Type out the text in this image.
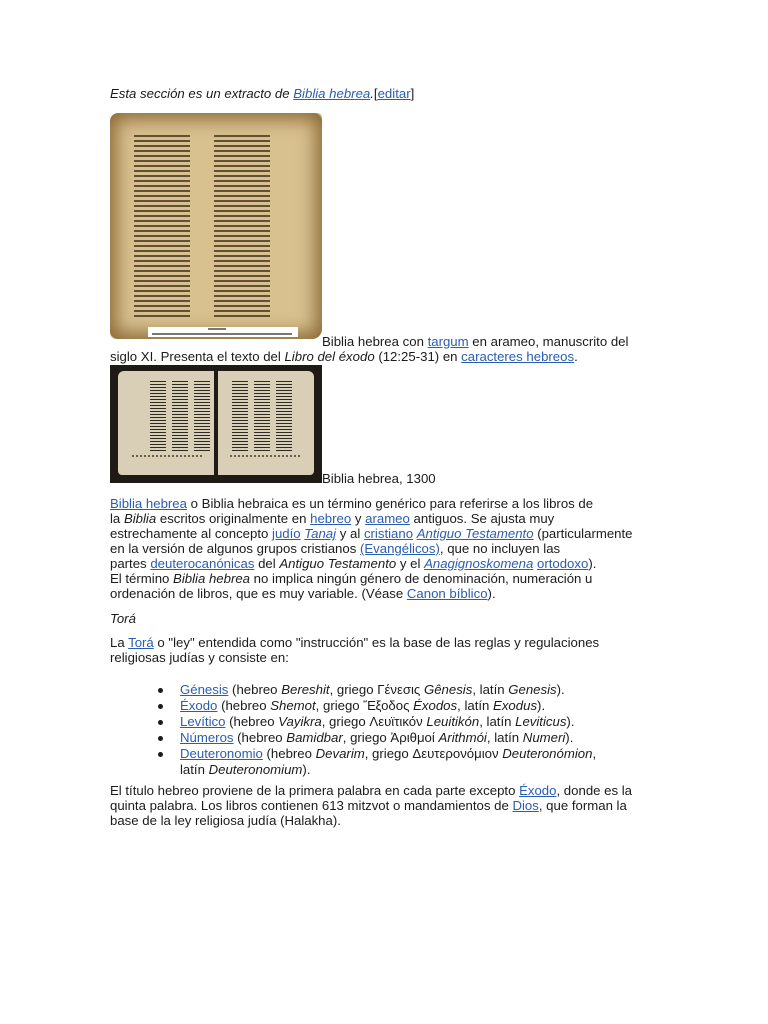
Esta sección es un extracto de Biblia hebrea.[editar]
Biblia hebrea con targum en arameo, manuscrito del
siglo XI. Presenta el texto del Libro del éxodo (12:25-31) en caracteres hebreos.
Biblia hebrea, 1300
Biblia hebrea o Biblia hebraica es un término genérico para referirse a los libros de
la Biblia escritos originalmente en hebreo y arameo antiguos. Se ajusta muy
estrechamente al concepto judío Tanaj y al cristiano Antiguo Testamento (particularmente
en la versión de algunos grupos cristianos (Evangélicos), que no incluyen las
partes deuterocanónicas del Antiguo Testamento y el Anagignoskomena ortodoxo).
El término Biblia hebrea no implica ningún género de denominación, numeración u
ordenación de libros, que es muy variable. (Véase Canon bíblico).
Torá
La Torá o "ley" entendida como "instrucción" es la base de las reglas y regulaciones
religiosas judías y consiste en:
Génesis (hebreo Bereshit, griego Γένεσις Gênesis, latín Genesis).
Éxodo (hebreo Shemot, griego Ἔξοδος Éxodos, latín Exodus).
Levítico (hebreo Vayikra, griego Λευϊτικόν Leuitikón, latín Leviticus).
Números (hebreo Bamidbar, griego Ἀριθμοί Arithmói, latín Numeri).
Deuteronomio (hebreo Devarim, griego Δευτερονόμιον Deuteronómion,
latín Deuteronomium).
El título hebreo proviene de la primera palabra en cada parte excepto Éxodo, donde es la
quinta palabra. Los libros contienen 613 mitzvot o mandamientos de Dios, que forman la
base de la ley religiosa judía (Halakha).
